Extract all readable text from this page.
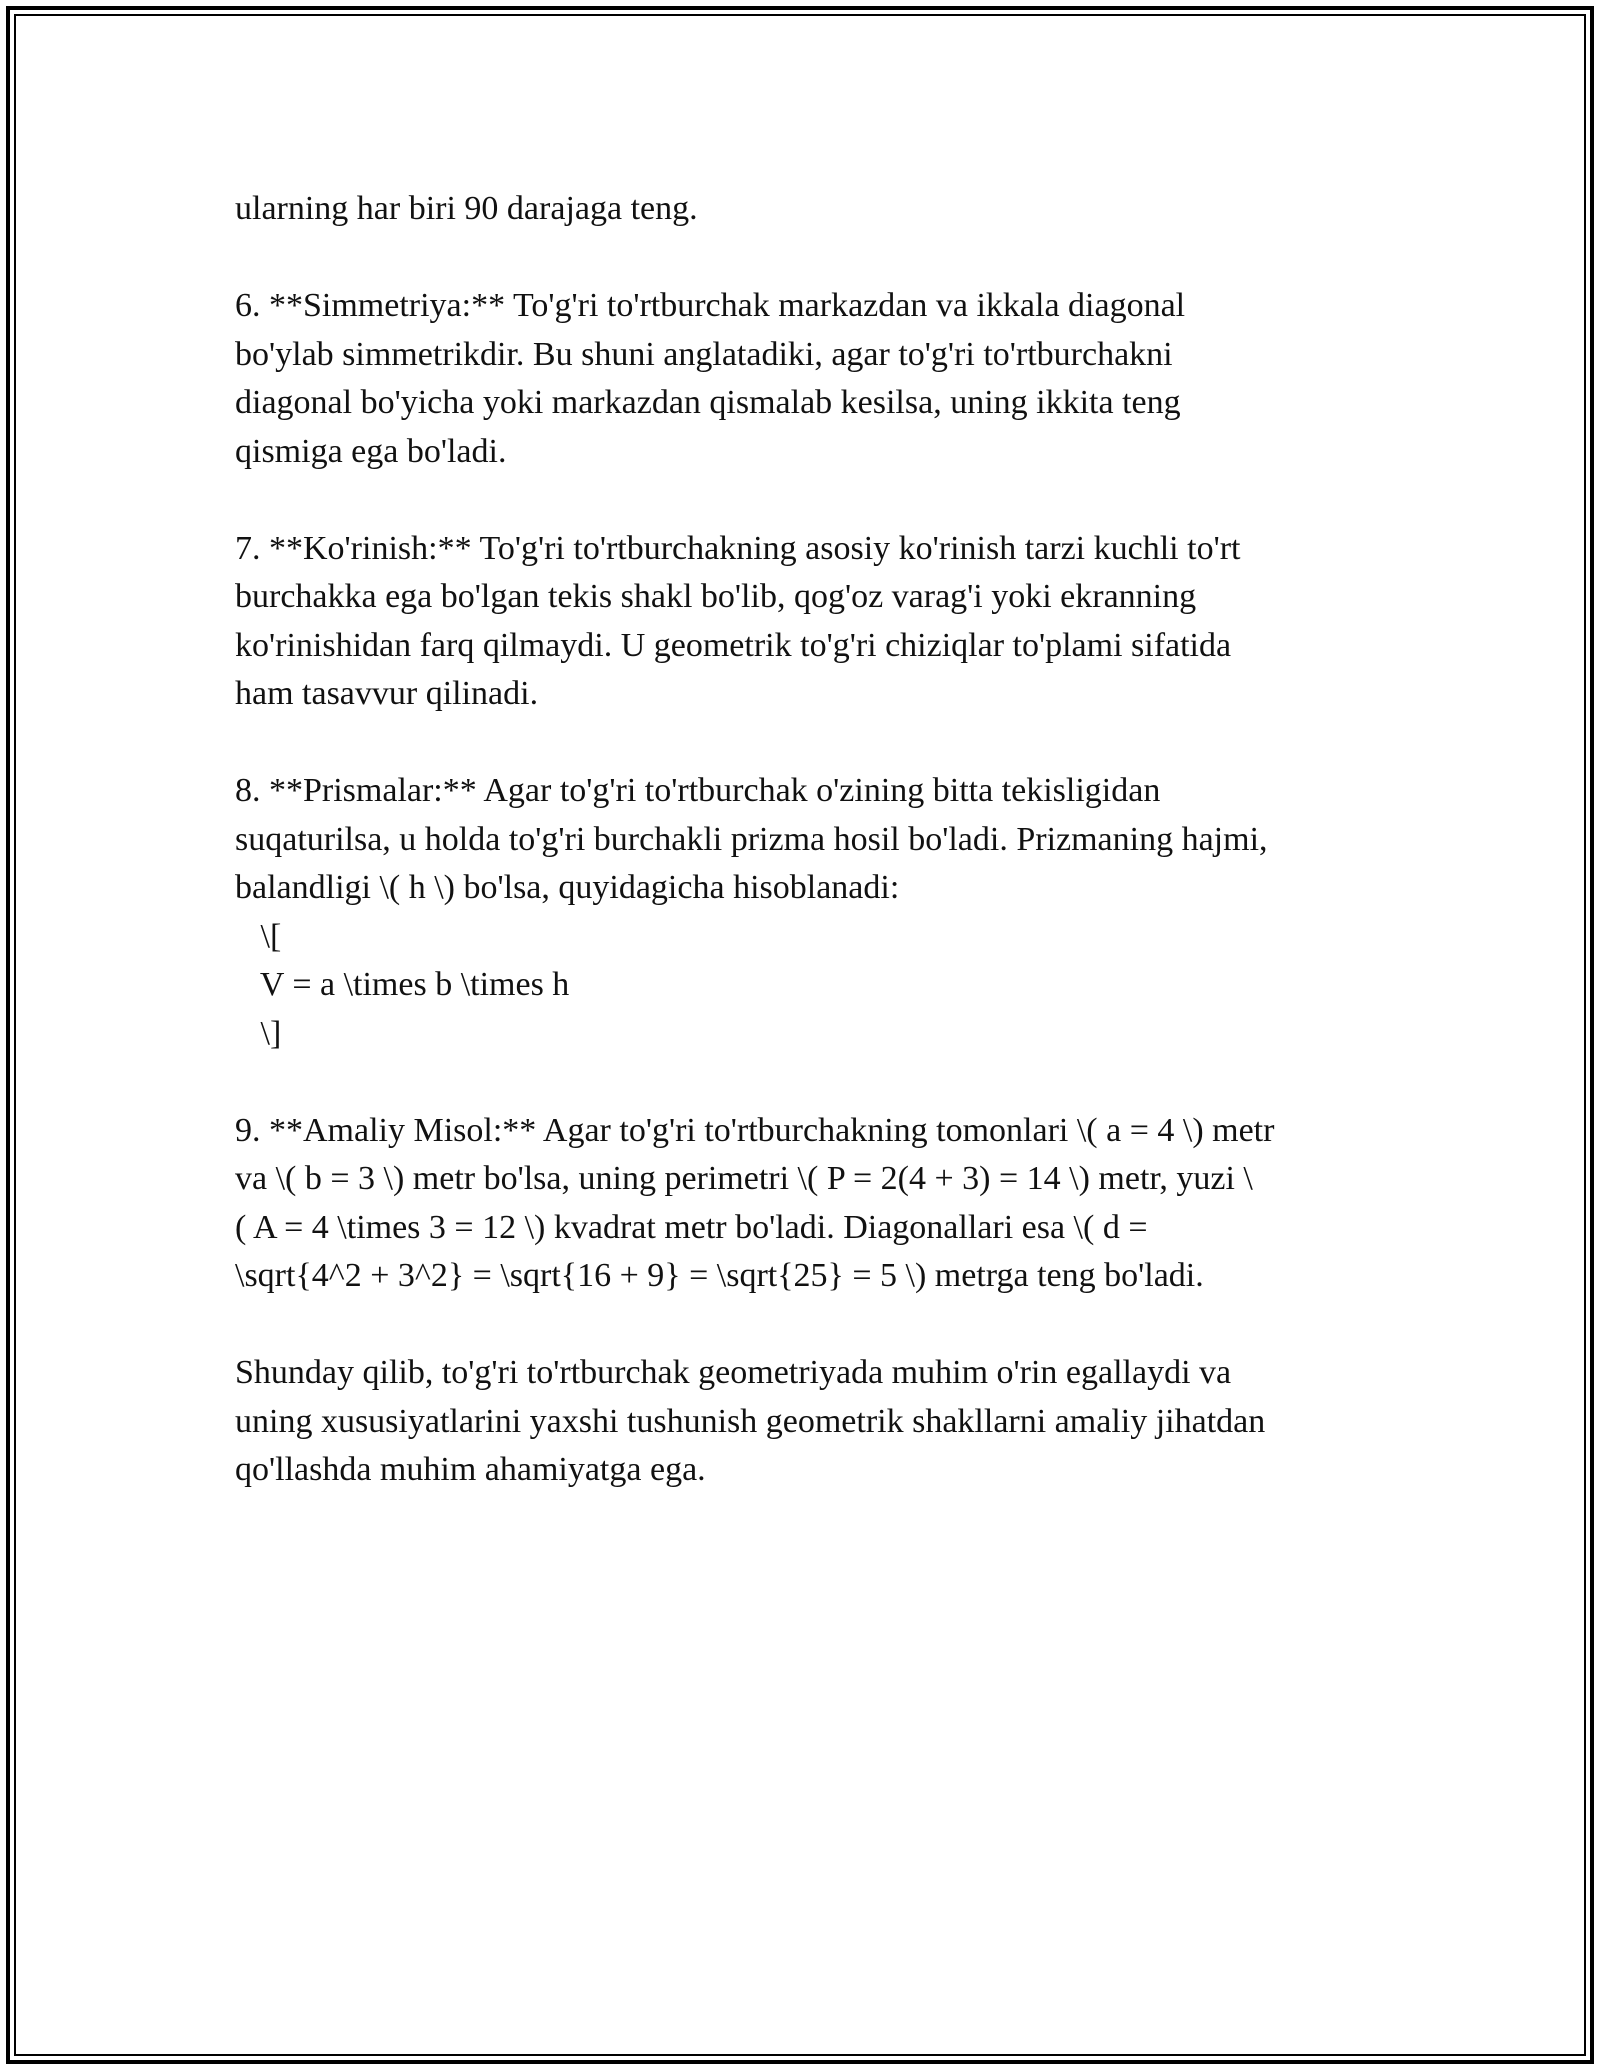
ularning har biri 90 darajaga teng.
6. **Simmetriya:** To'g'ri to'rtburchak markazdan va ikkala diagonal
bo'ylab simmetrikdir. Bu shuni anglatadiki, agar to'g'ri to'rtburchakni
diagonal bo'yicha yoki markazdan qismalab kesilsa, uning ikkita teng
qismiga ega bo'ladi.
7. **Ko'rinish:** To'g'ri to'rtburchakning asosiy ko'rinish tarzi kuchli to'rt
burchakka ega bo'lgan tekis shakl bo'lib, qog'oz varag'i yoki ekranning
ko'rinishidan farq qilmaydi. U geometrik to'g'ri chiziqlar to'plami sifatida
ham tasavvur qilinadi.
8. **Prismalar:** Agar to'g'ri to'rtburchak o'zining bitta tekisligidan
suqaturilsa, u holda to'g'ri burchakli prizma hosil bo'ladi. Prizmaning hajmi,
balandligi \( h \) bo'lsa, quyidagicha hisoblanadi:
\[
V = a \times b \times h
\]
9. **Amaliy Misol:** Agar to'g'ri to'rtburchakning tomonlari \( a = 4 \) metr
va \( b = 3 \) metr bo'lsa, uning perimetri \( P = 2(4 + 3) = 14 \) metr, yuzi \
( A = 4 \times 3 = 12 \) kvadrat metr bo'ladi. Diagonallari esa \( d =
\sqrt{4^2 + 3^2} = \sqrt{16 + 9} = \sqrt{25} = 5 \) metrga teng bo'ladi.
Shunday qilib, to'g'ri to'rtburchak geometriyada muhim o'rin egallaydi va
uning xususiyatlarini yaxshi tushunish geometrik shakllarni amaliy jihatdan
qo'llashda muhim ahamiyatga ega.
